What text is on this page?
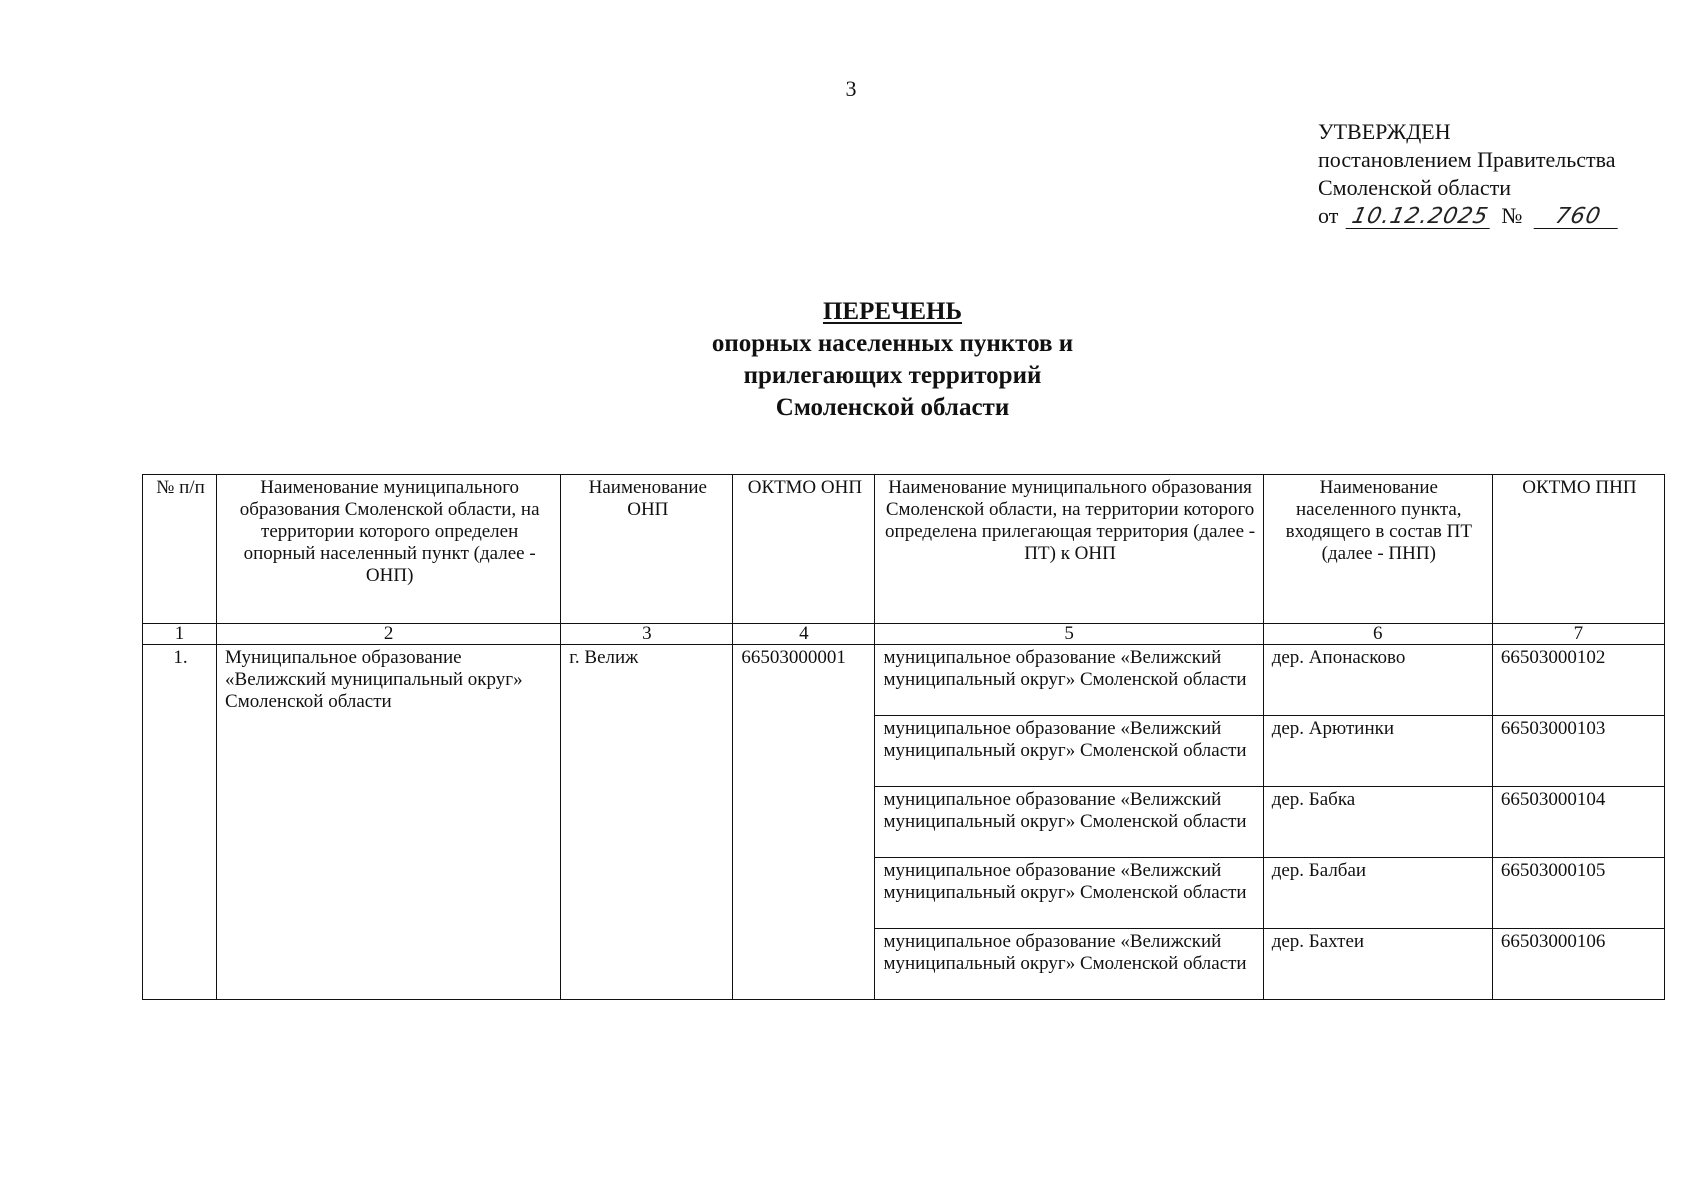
3
УТВЕРЖДЕН
постановлением Правительства
Смоленской области
от 10.12.2025 № 760
ПЕРЕЧЕНЬ
опорных населенных пунктов и
прилегающих территорий
Смоленской области
№ п/п	Наименование муниципального образования Смоленской области, на территории которого определен опорный населенный пункт (далее - ОНП)	Наименование ОНП	ОКТМО ОНП	Наименование муниципального образования Смоленской области, на территории которого определена прилегающая территория (далее - ПТ) к ОНП	Наименование населенного пункта, входящего в состав ПТ (далее - ПНП)	ОКТМО ПНП
1	2	3	4	5	6	7
1.	Муниципальное образование «Велижский муниципальный округ» Смоленской области	г. Велиж	66503000001	муниципальное образование «Велижский муниципальный округ» Смоленской области	дер. Апонасково	66503000102
				муниципальное образование «Велижский муниципальный округ» Смоленской области	дер. Арютинки	66503000103
				муниципальное образование «Велижский муниципальный округ» Смоленской области	дер. Бабка	66503000104
				муниципальное образование «Велижский муниципальный округ» Смоленской области	дер. Балбаи	66503000105
				муниципальное образование «Велижский муниципальный округ» Смоленской области	дер. Бахтеи	66503000106
